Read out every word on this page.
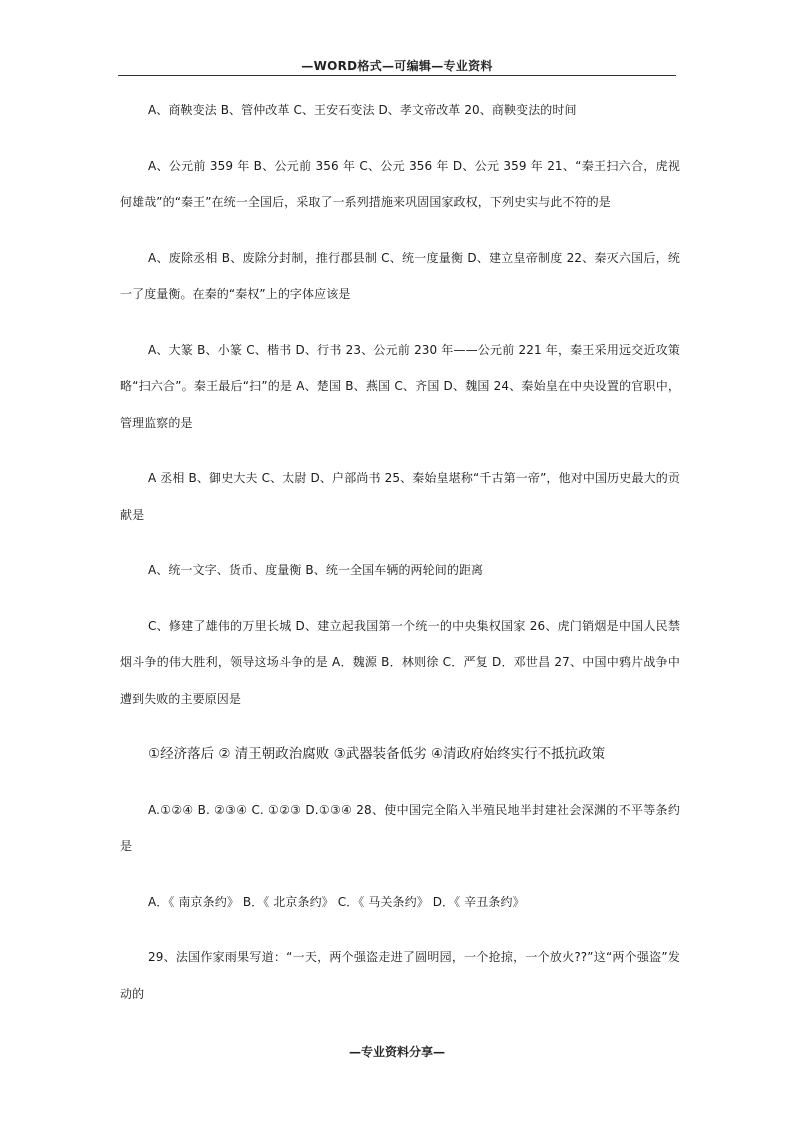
—WORD格式—可编辑—专业资料

A、商鞅变法 B、管仲改革 C、王安石变法 D、孝文帝改革 20、商鞅变法的时间

A、公元前 359 年 B、公元前 356 年 C、公元 356 年 D、公元 359 年 21、“秦王扫六合，虎视何雄哉”的“秦王”在统一全国后，采取了一系列措施来巩固国家政权，下列史实与此不符的是

A、废除丞相 B、废除分封制，推行郡县制 C、统一度量衡 D、建立皇帝制度 22、秦灭六国后，统一了度量衡。在秦的“秦权”上的字体应该是

A、大篆 B、小篆 C、楷书 D、行书 23、公元前 230 年——公元前 221 年，秦王采用远交近攻策略“扫六合”。秦王最后“扫”的是 A、楚国 B、燕国 C、齐国 D、魏国 24、秦始皇在中央设置的官职中，管理监察的是

A 丞相 B、御史大夫 C、太尉 D、户部尚书 25、秦始皇堪称“千古第一帝”，他对中国历史最大的贡献是

A、统一文字、货币、度量衡 B、统一全国车辆的两轮间的距离

C、修建了雄伟的万里长城 D、建立起我国第一个统一的中央集权国家 26、虎门销烟是中国人民禁烟斗争的伟大胜利，领导这场斗争的是 A．魏源 B．林则徐 C．严复 D．邓世昌 27、中国中鸦片战争中遭到失败的主要原因是

①经济落后 ② 清王朝政治腐败 ③武器装备低劣 ④清政府始终实行不抵抗政策

A.①②④ B. ②③④ C. ①②③ D.①③④ 28、使中国完全陷入半殖民地半封建社会深渊的不平等条约是

A．《 南京条约》 B．《 北京条约》 C．《 马关条约》 D．《 辛丑条约》

29、法国作家雨果写道：“一天，两个强盗走进了圆明园，一个抢掠，一个放火??”这“两个强盗”发动的

—专业资料分享—
